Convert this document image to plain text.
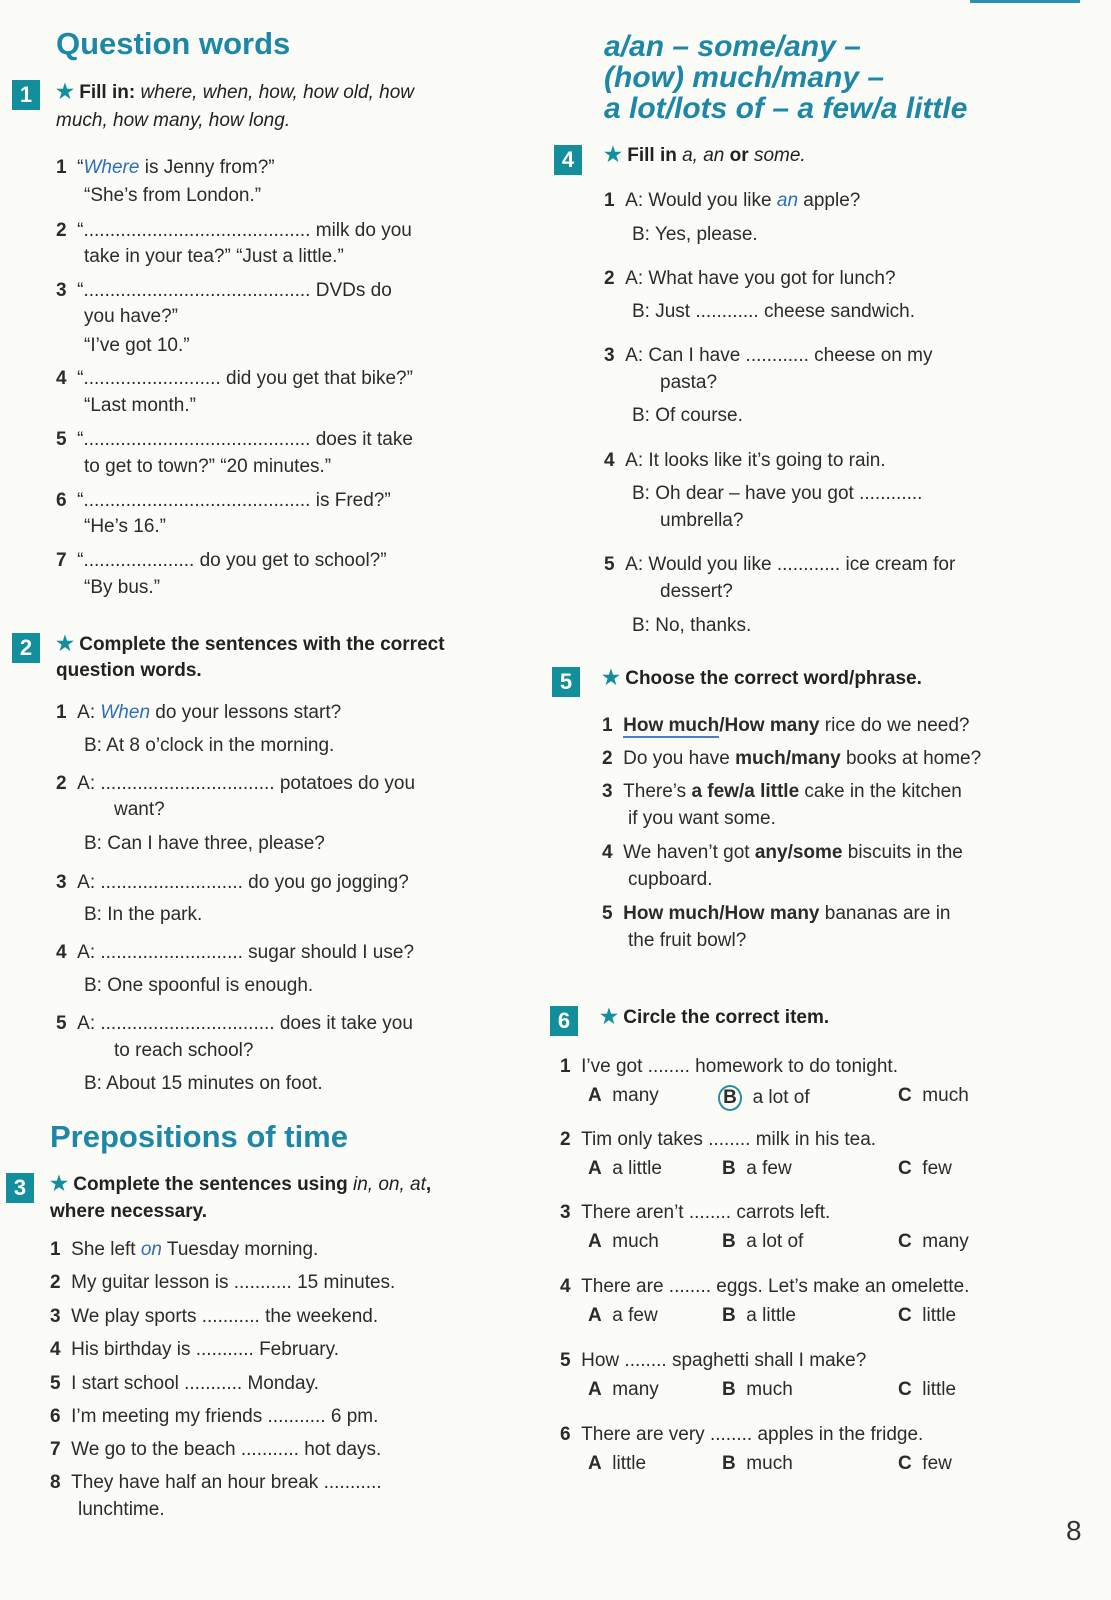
Question words
1	★ Fill in: where, when, how, how old, how
much, how many, how long.
1 “Where is Jenny from?”
“She’s from London.”
2 “........................................... milk do you
take in your tea?” “Just a little.”
3 “........................................... DVDs do
you have?”
“I’ve got 10.”
4 “.......................... did you get that bike?”
“Last month.”
5 “........................................... does it take
to get to town?” “20 minutes.”
6 “........................................... is Fred?”
“He’s 16.”
7 “..................... do you get to school?”
“By bus.”
2	★ Complete the sentences with the correct
question words.
1 A: When do your lessons start?
B: At 8 o’clock in the morning.
2 A: ................................. potatoes do you
want?
B: Can I have three, please?
3 A: ........................... do you go jogging?
B: In the park.
4 A: ........................... sugar should I use?
B: One spoonful is enough.
5 A: ................................. does it take you
to reach school?
B: About 15 minutes on foot.
Prepositions of time
3	★ Complete the sentences using in, on, at,
where necessary.
1 She left on Tuesday morning.
2 My guitar lesson is ........... 15 minutes.
3 We play sports ........... the weekend.
4 His birthday is ........... February.
5 I start school ........... Monday.
6 I’m meeting my friends ........... 6 pm.
7 We go to the beach ........... hot days.
8 They have half an hour break ...........
lunchtime.
a/an – some/any –
(how) much/many –
a lot/lots of – a few/a little
4	★ Fill in a, an or some.
1 A: Would you like an apple?
B: Yes, please.
2 A: What have you got for lunch?
B: Just ............ cheese sandwich.
3 A: Can I have ............ cheese on my
pasta?
B: Of course.
4 A: It looks like it’s going to rain.
B: Oh dear – have you got ............
umbrella?
5 A: Would you like ............ ice cream for
dessert?
B: No, thanks.
5	★ Choose the correct word/phrase.
1 How much/How many rice do we need?
2 Do you have much/many books at home?
3 There’s a few/a little cake in the kitchen
if you want some.
4 We haven’t got any/some biscuits in the
cupboard.
5 How much/How many bananas are in
the fruit bowl?
6	★ Circle the correct item.
1 I’ve got ........ homework to do tonight.
A many	B a lot of	C much
2 Tim only takes ........ milk in his tea.
A a little	B a few	C few
3 There aren’t ........ carrots left.
A much	B a lot of	C many
4 There are ........ eggs. Let’s make an omelette.
A a few	B a little	C little
5 How ........ spaghetti shall I make?
A many	B much	C little
6 There are very ........ apples in the fridge.
A little	B much	C few
8
